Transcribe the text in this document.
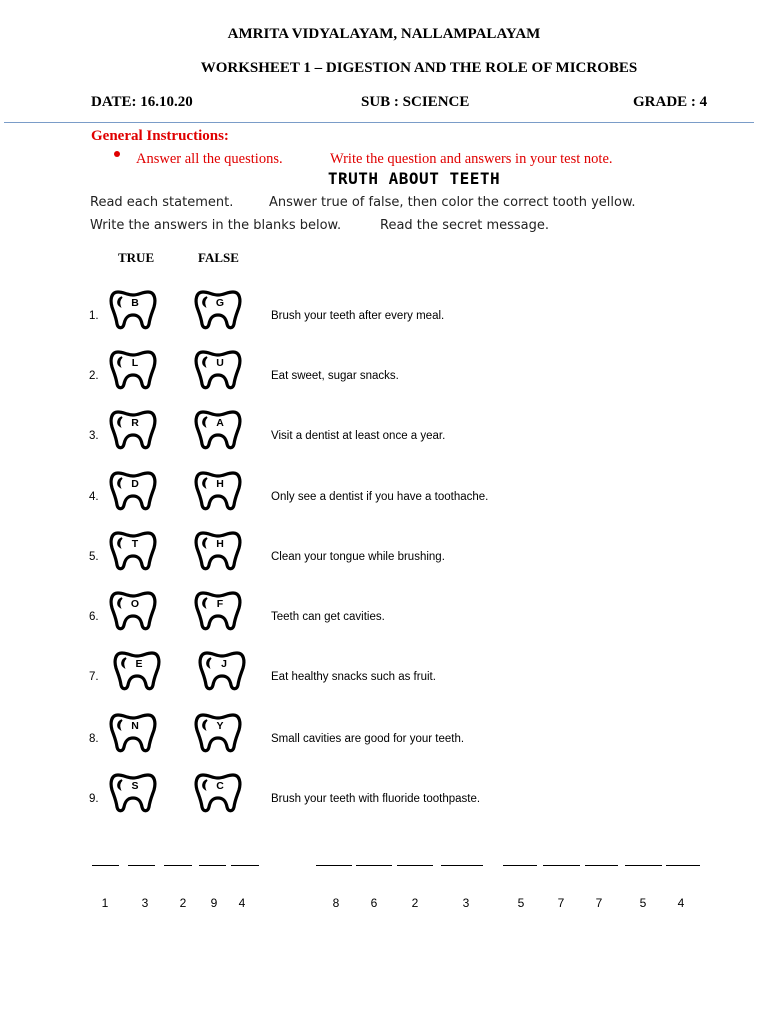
AMRITA VIDYALAYAM, NALLAMPALAYAM
WORKSHEET 1 – DIGESTION AND THE ROLE OF MICROBES
DATE: 16.10.20	SUB : SCIENCE	GRADE : 4
General Instructions:
Answer all the questions.	Write the question and answers in your test note.
TRUTH ABOUT TEETH
Read each statement.	Answer true of false, then color the correct tooth yellow.
Write the answers in the blanks below.	Read the secret message.
TRUE	FALSE
1.
B	G
Brush your teeth after every meal.
2.
L	U
Eat sweet, sugar snacks.
3.
R	A
Visit a dentist at least once a year.
4.
D	H
Only see a dentist if you have a toothache.
5.
T	H
Clean your tongue while brushing.
6.
O	F
Teeth can get cavities.
7.
E	J
Eat healthy snacks such as fruit.
8.
N	Y
Small cavities are good for your teeth.
9.
S	C
Brush your teeth with fluoride toothpaste.
1	3	2	9	4	8	6	2	3	5	7	7	5	4
